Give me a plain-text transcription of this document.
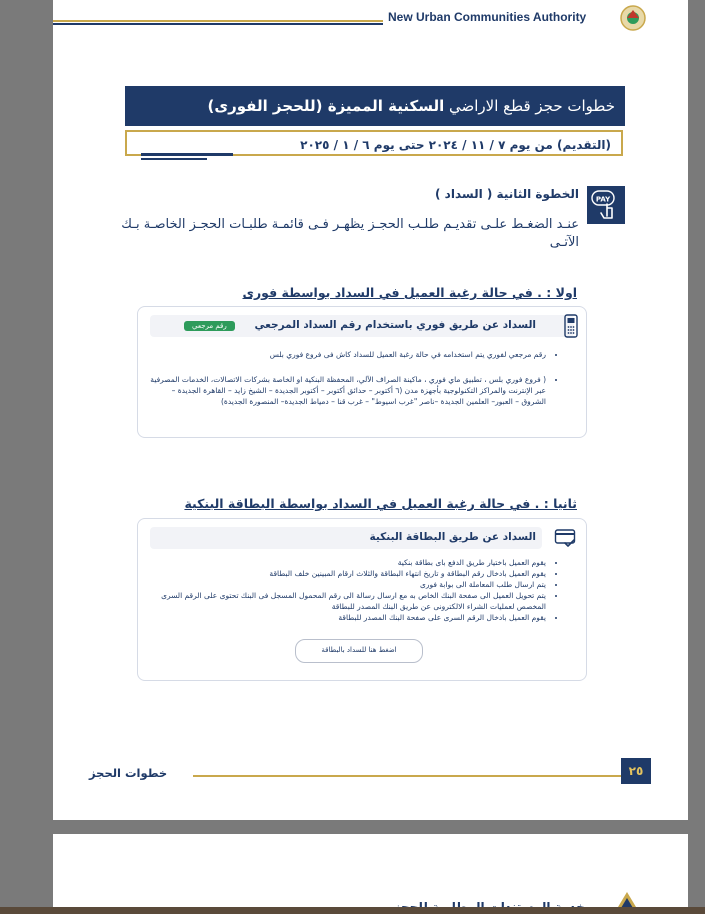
New Urban Communities Authority
خطوات حجز قطع الاراضي السكنية المميزة (للحجز الفورى)
(التقديم) من يوم ٧ / ١١ / ٢٠٢٤ حتى يوم ٦ / ١ / ٢٠٢٥
PAY
الخطوة الثانية ( السداد )
عنـد الضغـط علـى تقديـم طلـب الحجـز يظهـر فـى قائمـة طلبـات الحجـز الخاصـة بـك الآتـى
اولا : . في حالة رغبة العميل في السداد بواسطة فورى
السداد عن طريق فوري باستخدام رقم السداد المرجعي
رقم مرجعي
• رقم مرجعي لفوري يتم استخدامه في حالة رغبة العميل للسداد كاش فى فروع فوري بلس
• ( فروع فوري بلس ، تطبيق ماي فوري ، ماكينة الصراف الآلي، المحفظة البنكية او الخاصة بشركات الاتصالات، الخدمات المصرفية عبر الإنترنت والمراكز التكنولوجية بأجهزة مدن (٦ أكتوبر – حدائق أكتوبر – أكتوبر الجديدة – الشيخ زايد – القاهرة الجديدة – الشروق – العبور– العلمين الجديدة –ناصر "غرب اسيوط" – غرب قنا – دمياط الجديدة– المنصورة الجديدة)
ثانيا : . في حالة رغبة العميل في السداد بواسطة البطاقة البنكية
السداد عن طريق البطاقة البنكية
• يقوم العميل باختيار طريق الدفع باى بطاقة بنكية
• يقوم العميل بادخال رقم البطاقة و تاريخ انتهاء البطاقة والثلاث ارقام المبينين خلف البطاقة
• يتم ارسال طلب المعاملة الى بوابة فورى
• يتم تحويل العميل الى صفحة البنك الخاص به مع ارسال رسالة الى رقم المحمول المسجل فى البنك تحتوى على الرقم السرى المخصص لعمليات الشراء الالكترونى عن طريق البنك المصدر للبطاقة
• يقوم العميل بادخال الرقم السرى على صفحة البنك المصدر للبطاقة
اضغط هنا للسداد بالبطاقة
خطوات الحجز	٢٥
